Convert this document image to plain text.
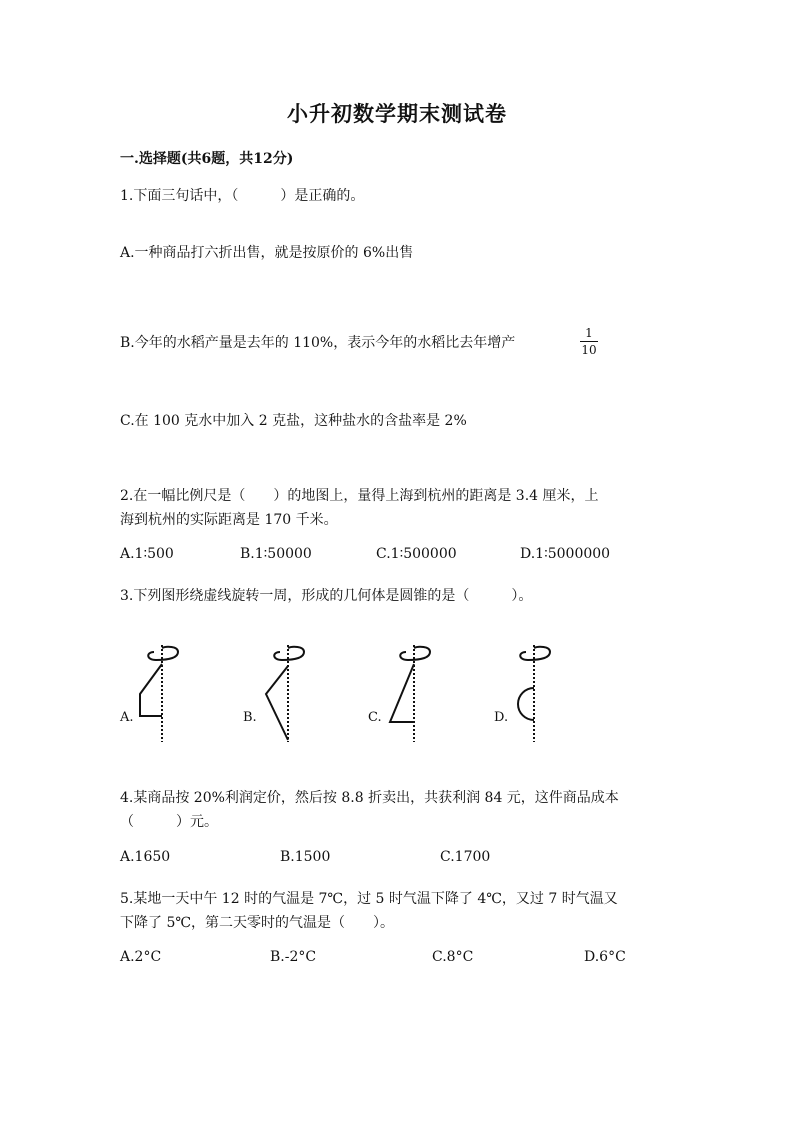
小升初数学期末测试卷
一.选择题(共6题，共12分)
1.下面三句话中，（　　　）是正确的。
A.一种商品打六折出售，就是按原价的 6%出售
B.今年的水稻产量是去年的 110%，表示今年的水稻比去年增产
1
10
C.在 100 克水中加入 2 克盐，这种盐水的含盐率是 2%
2.在一幅比例尺是（　　）的地图上，量得上海到杭州的距离是 3.4 厘米，上
海到杭州的实际距离是 170 千米。
A.1∶500	B.1∶50000	C.1∶500000	D.1∶5000000
3.下列图形绕虚线旋转一周，形成的几何体是圆锥的是（　　　）。
A.	B.	C.	D.
4.某商品按 20%利润定价，然后按 8.8 折卖出，共获利润 84 元，这件商品成本
（　　　）元。
A.1650	B.1500	C.1700
5.某地一天中午 12 时的气温是 7℃，过 5 时气温下降了 4℃，又过 7 时气温又
下降了 5℃，第二天零时的气温是（　　）。
A.2°C	B.-2°C	C.8°C	D.6°C
